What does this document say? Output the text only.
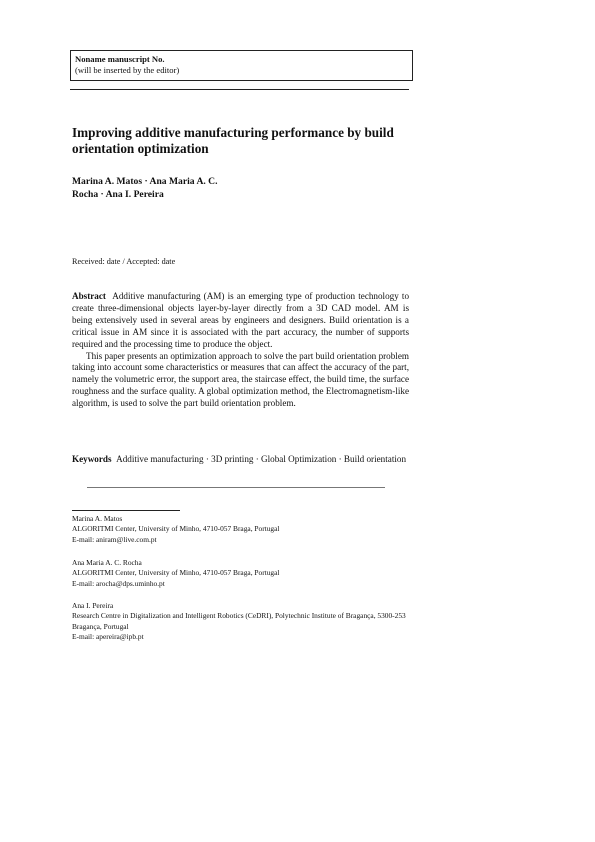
Noname manuscript No.
(will be inserted by the editor)
Improving additive manufacturing performance by build orientation optimization
Marina A. Matos · Ana Maria A. C.
Rocha · Ana I. Pereira
Received: date / Accepted: date

Abstract Additive manufacturing (AM) is an emerging type of production technology to create three-dimensional objects layer-by-layer directly from a 3D CAD model. AM is being extensively used in several areas by engineers and designers. Build orientation is a critical issue in AM since it is associated with the part accuracy, the number of supports required and the processing time to produce the object.

This paper presents an optimization approach to solve the part build orientation problem taking into account some characteristics or measures that can affect the accuracy of the part, namely the volumetric error, the support area, the staircase effect, the build time, the surface roughness and the surface quality. A global optimization method, the Electromagnetism-like algorithm, is used to solve the part build orientation problem.

Keywords Additive manufacturing · 3D printing · Global Optimization · Build orientation
Marina A. Matos
ALGORITMI Center, University of Minho, 4710-057 Braga, Portugal
E-mail: aniram@live.com.pt
Ana Maria A. C. Rocha
ALGORITMI Center, University of Minho, 4710-057 Braga, Portugal
E-mail: arocha@dps.uminho.pt
Ana I. Pereira
Research Centre in Digitalization and Intelligent Robotics (CeDRI), Polytechnic Institute of Bragança, 5300-253 Bragança, Portugal
E-mail: apereira@ipb.pt
